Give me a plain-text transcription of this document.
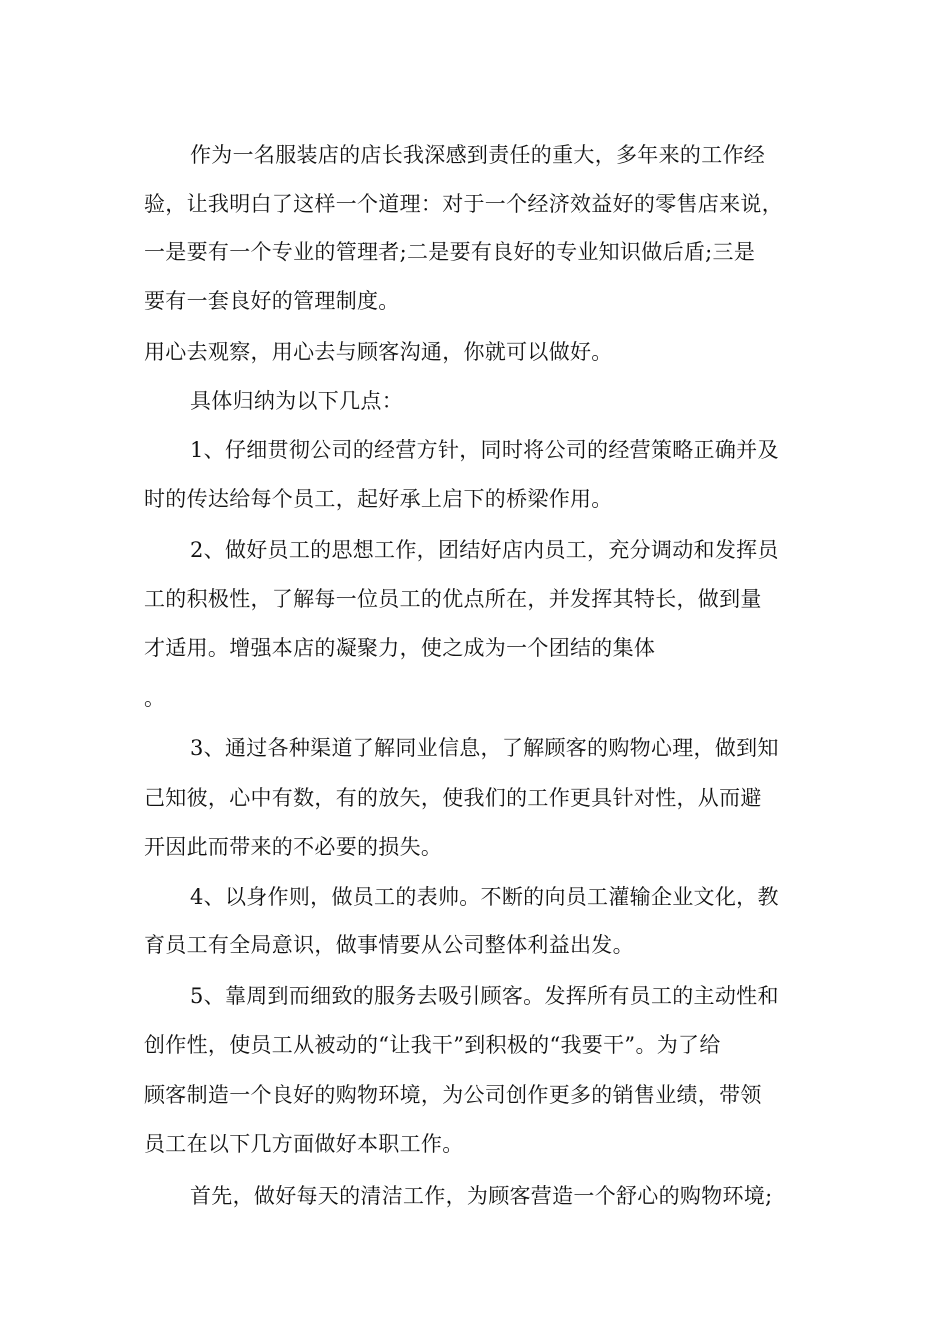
作为一名服装店的店长我深感到责任的重大，多年来的工作经
验，让我明白了这样一个道理：对于一个经济效益好的零售店来说，
一是要有一个专业的管理者;二是要有良好的专业知识做后盾;三是
要有一套良好的管理制度。
用心去观察，用心去与顾客沟通，你就可以做好。
具体归纳为以下几点：
1、仔细贯彻公司的经营方针，同时将公司的经营策略正确并及
时的传达给每个员工，起好承上启下的桥梁作用。
2、做好员工的思想工作，团结好店内员工，充分调动和发挥员
工的积极性，了解每一位员工的优点所在，并发挥其特长，做到量
才适用。增强本店的凝聚力，使之成为一个团结的集体
。
3、通过各种渠道了解同业信息，了解顾客的购物心理，做到知
己知彼，心中有数，有的放矢，使我们的工作更具针对性，从而避
开因此而带来的不必要的损失。
4、以身作则，做员工的表帅。不断的向员工灌输企业文化，教
育员工有全局意识，做事情要从公司整体利益出发。
5、靠周到而细致的服务去吸引顾客。发挥所有员工的主动性和
创作性，使员工从被动的“让我干”到积极的“我要干”。为了给
顾客制造一个良好的购物环境，为公司创作更多的销售业绩，带领
员工在以下几方面做好本职工作。
首先，做好每天的清洁工作，为顾客营造一个舒心的购物环境;
